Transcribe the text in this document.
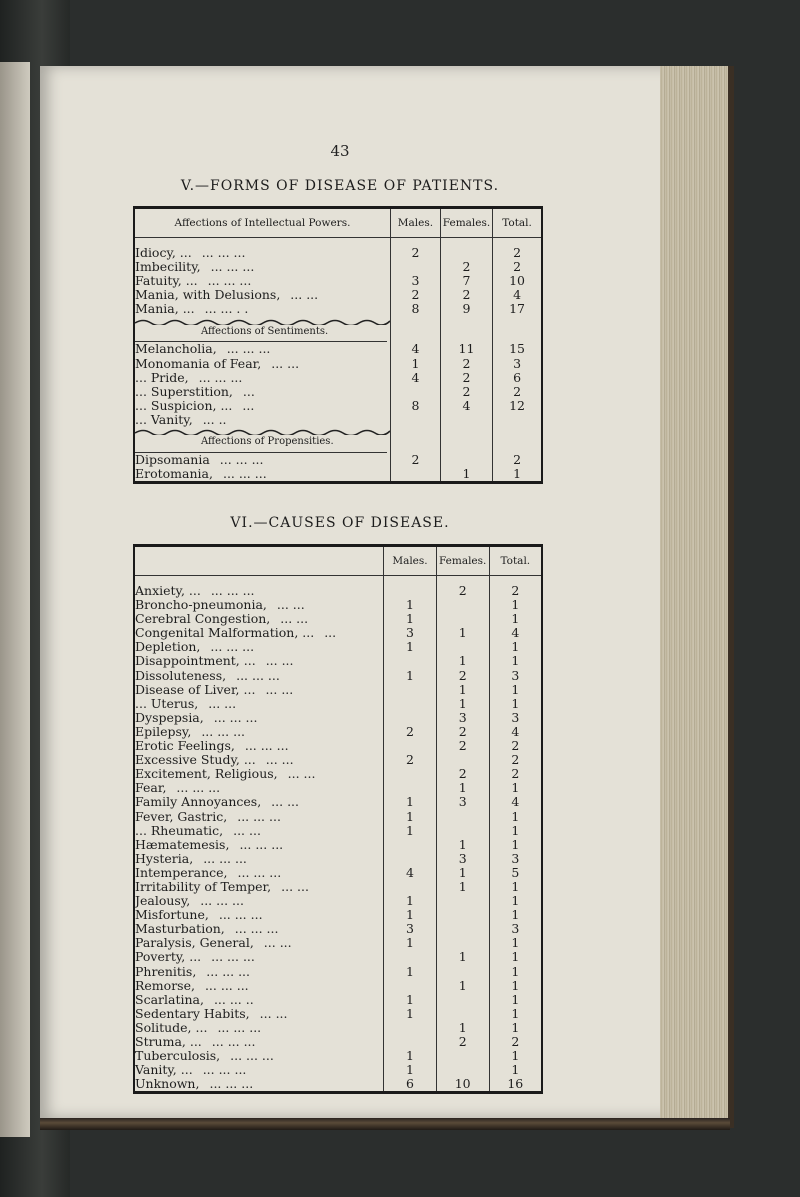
43
V.—FORMS OF DISEASE OF PATIENTS.
Affections of Intellectual Powers.	Males.	Females.	Total.

Idiocy, ... ... ... ...	2		2
Imbecility, ... ... ...		2	2
Fatuity, ... ... ... ...	3	7	10
Mania, with Delusions, ... ...	2	2	4
Mania, ... ... ... . .	8	9	17

Affections of Sentiments.			

Melancholia, ... ... ...	4	11	15
Monomania of Fear, ... ...	1	2	3
... Pride, ... ... ...	4	2	6
... Superstition, ...		2	2
... Suspicion, ... ...	8	4	12
... Vanity, ... ..			

Affections of Propensities.			

Dipsomania ... ... ...	2		2
Erotomania, ... ... ...		1	1
VI.—CAUSES OF DISEASE.
	Males.	Females.	Total.

Anxiety, ... ... ... ...		2	2
Broncho-pneumonia, ... ...	1		1
Cerebral Congestion, ... ...	1		1
Congenital Malformation, ... ...	3	1	4
Depletion, ... ... ...	1		1
Disappointment, ... ... ...		1	1
Dissoluteness, ... ... ...	1	2	3
Disease of Liver, ... ... ...		1	1
... Uterus, ... ...		1	1
Dyspepsia, ... ... ...		3	3
Epilepsy, ... ... ...	2	2	4
Erotic Feelings, ... ... ...		2	2
Excessive Study, ... ... ...	2		2
Excitement, Religious, ... ...		2	2
Fear, ... ... ...		1	1
Family Annoyances, ... ...	1	3	4
Fever, Gastric, ... ... ...	1		1
... Rheumatic, ... ...	1		1
Hæmatemesis, ... ... ...		1	1
Hysteria, ... ... ...		3	3
Intemperance, ... ... ...	4	1	5
Irritability of Temper, ... ...		1	1
Jealousy, ... ... ...	1		1
Misfortune, ... ... ...	1		1
Masturbation, ... ... ...	3		3
Paralysis, General, ... ...	1		1
Poverty, ... ... ... ...		1	1
Phrenitis, ... ... ...	1		1
Remorse, ... ... ...		1	1
Scarlatina, ... ... ..	1		1
Sedentary Habits, ... ...	1		1
Solitude, ... ... ... ...		1	1
Struma, ... ... ... ...		2	2
Tuberculosis, ... ... ...	1		1
Vanity, ... ... ... ...	1		1
Unknown, ... ... ...	6	10	16
